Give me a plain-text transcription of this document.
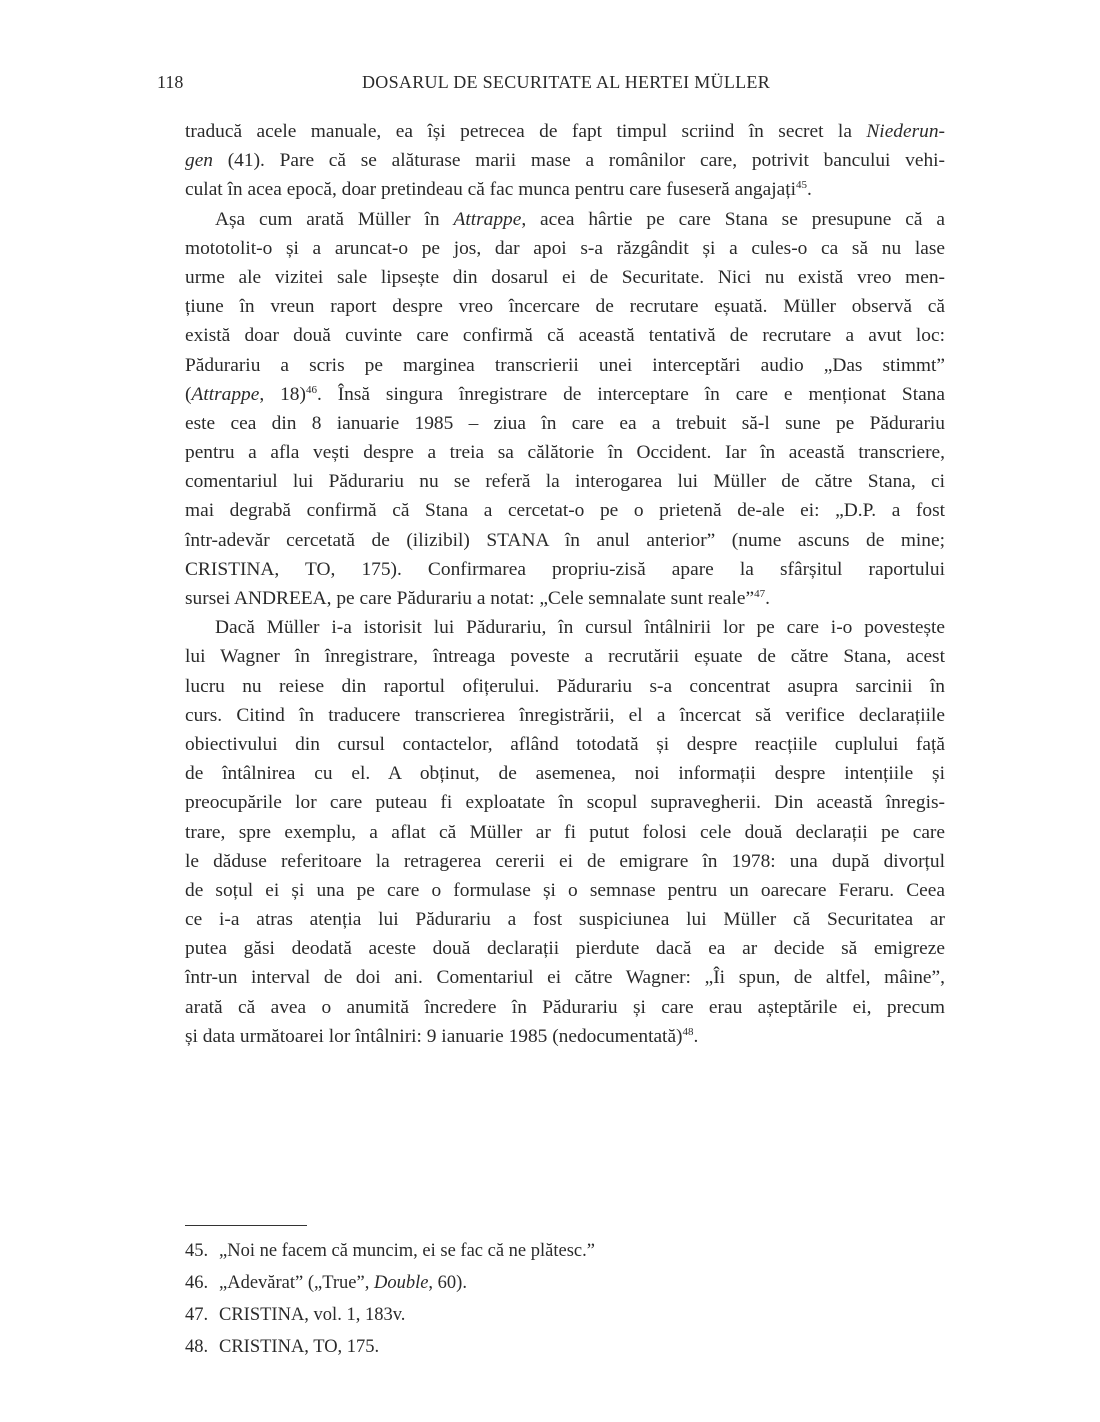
118	DOSARUL DE SECURITATE AL HERTEI MÜLLER
traducă acele manuale, ea își petrecea de fapt timpul scriind în secret la Niederun-
gen (41). Pare că se alăturase marii mase a românilor care, potrivit bancului vehi-
culat în acea epocă, doar pretindeau că fac munca pentru care fuseseră angajați$^{45}$.
Așa cum arată Müller în Attrappe, acea hârtie pe care Stana se presupune că a
mototolit-o și a aruncat-o pe jos, dar apoi s-a răzgândit și a cules-o ca să nu lase
urme ale vizitei sale lipsește din dosarul ei de Securitate. Nici nu există vreo men-
țiune în vreun raport despre vreo încercare de recrutare eșuată. Müller observă că
există doar două cuvinte care confirmă că această tentativă de recrutare a avut loc:
Pădurariu a scris pe marginea transcrierii unei interceptări audio „Das stimmt”
(Attrappe, 18)$^{46}$. Însă singura înregistrare de interceptare în care e menționat Stana
este cea din 8 ianuarie 1985 – ziua în care ea a trebuit să-l sune pe Pădurariu
pentru a afla vești despre a treia sa călătorie în Occident. Iar în această transcriere,
comentariul lui Pădurariu nu se referă la interogarea lui Müller de către Stana, ci
mai degrabă confirmă că Stana a cercetat-o pe o prietenă de-ale ei: „D.P. a fost
într-adevăr cercetată de (ilizibil) STANA în anul anterior” (nume ascuns de mine;
CRISTINA, TO, 175). Confirmarea propriu-zisă apare la sfârșitul raportului
sursei ANDREEA, pe care Pădurariu a notat: „Cele semnalate sunt reale”$^{47}$.
Dacă Müller i-a istorisit lui Pădurariu, în cursul întâlnirii lor pe care i-o povestește
lui Wagner în înregistrare, întreaga poveste a recrutării eșuate de către Stana, acest
lucru nu reiese din raportul ofițerului. Pădurariu s-a concentrat asupra sarcinii în
curs. Citind în traducere transcrierea înregistrării, el a încercat să verifice declarațiile
obiectivului din cursul contactelor, aflând totodată și despre reacțiile cuplului față
de întâlnirea cu el. A obținut, de asemenea, noi informații despre intențiile și
preocupările lor care puteau fi exploatate în scopul supravegherii. Din această înregis-
trare, spre exemplu, a aflat că Müller ar fi putut folosi cele două declarații pe care
le dăduse referitoare la retragerea cererii ei de emigrare în 1978: una după divorțul
de soțul ei și una pe care o formulase și o semnase pentru un oarecare Feraru. Ceea
ce i-a atras atenția lui Pădurariu a fost suspiciunea lui Müller că Securitatea ar
putea găsi deodată aceste două declarații pierdute dacă ea ar decide să emigreze
într-un interval de doi ani. Comentariul ei către Wagner: „Îi spun, de altfel, mâine”,
arată că avea o anumită încredere în Pădurariu și care erau așteptările ei, precum
și data următoarei lor întâlniri: 9 ianuarie 1985 (nedocumentată)$^{48}$.
45. „Noi ne facem că muncim, ei se fac că ne plătesc.”
46. „Adevărat” („True”, Double, 60).
47. CRISTINA, vol. 1, 183v.
48. CRISTINA, TO, 175.
